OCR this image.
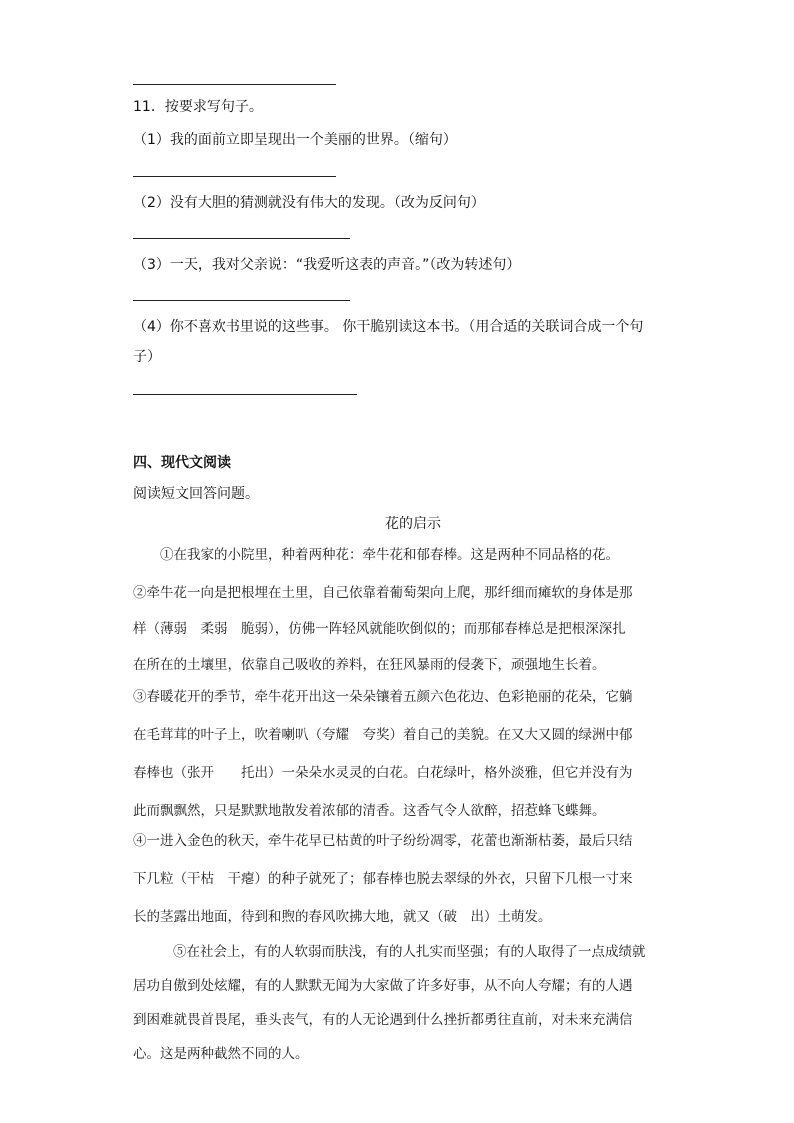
11．按要求写句子。
（1）我的面前立即呈现出一个美丽的世界。（缩句）
（2）没有大胆的猜测就没有伟大的发现。（改为反问句）
（3）一天，我对父亲说：“我爱听这表的声音。”（改为转述句）
（4）你不喜欢书里说的这些事。 你干脆别读这本书。（用合适的关联词合成一个句
子）
四、现代文阅读
阅读短文回答问题。
花的启示
①在我家的小院里，种着两种花：牵牛花和郁春棒。这是两种不同品格的花。
②牵牛花一向是把根埋在土里，自己依靠着葡萄架向上爬，那纤细而瘫软的身体是那
样（薄弱　柔弱　脆弱），仿佛一阵轻风就能吹倒似的；而那郁春棒总是把根深深扎
在所在的土壤里，依靠自己吸收的养料，在狂风暴雨的侵袭下，顽强地生长着。
③春暖花开的季节，牵牛花开出这一朵朵镶着五颜六色花边、色彩艳丽的花朵，它躺
在毛茸茸的叶子上，吹着喇叭（夸耀　夸奖）着自己的美貌。在又大又圆的绿洲中郁
春棒也（张开　　托出）一朵朵水灵灵的白花。白花绿叶，格外淡雅，但它并没有为
此而飘飘然，只是默默地散发着浓郁的清香。这香气令人欲醉，招惹蜂飞蝶舞。
④一进入金色的秋天，牵牛花早已枯黄的叶子纷纷凋零，花蕾也渐渐枯萎，最后只结
下几粒（干枯　干瘪）的种子就死了；郁春棒也脱去翠绿的外衣，只留下几根一寸来
长的茎露出地面，待到和煦的春风吹拂大地，就又（破　出）土萌发。
⑤在社会上，有的人软弱而肤浅，有的人扎实而坚强；有的人取得了一点成绩就
居功自傲到处炫耀，有的人默默无闻为大家做了许多好事，从不向人夸耀；有的人遇
到困难就畏首畏尾，垂头丧气，有的人无论遇到什么挫折都勇往直前，对未来充满信
心。这是两种截然不同的人。
